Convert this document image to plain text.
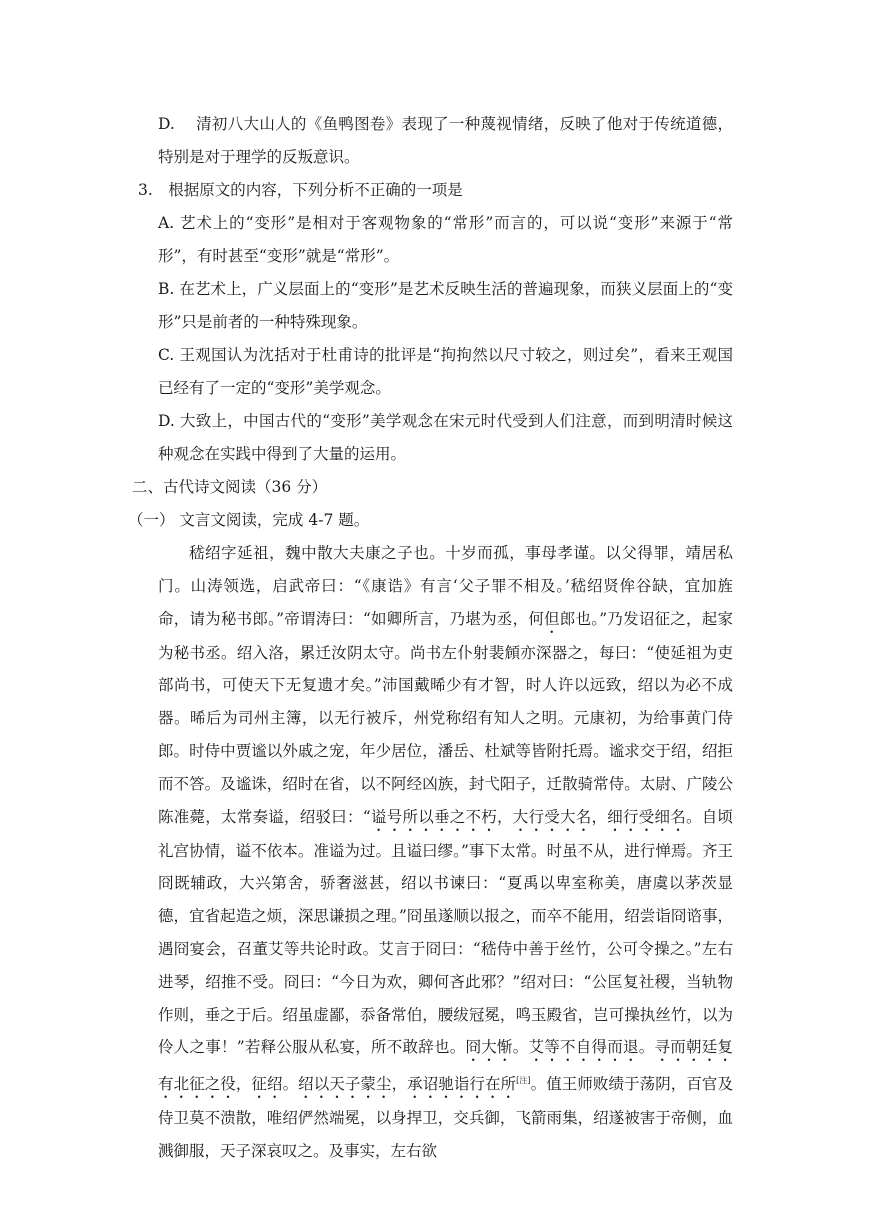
D.　 清初八大山人的《鱼鸭图卷》表现了一种蔑视情绪，反映了他对于传统道德，特别是对于理学的反叛意识。

3.　根据原文的内容，下列分析不正确的一项是

A. 艺术上的“变形”是相对于客观物象的“常形”而言的，可以说“变形”来源于“常形”，有时甚至“变形”就是“常形”。

B. 在艺术上，广义层面上的“变形”是艺术反映生活的普遍现象，而狭义层面上的“变形”只是前者的一种特殊现象。

C. 王观国认为沈括对于杜甫诗的批评是“拘拘然以尺寸较之，则过矣”，看来王观国已经有了一定的“变形”美学观念。

D. 大致上，中国古代的“变形”美学观念在宋元时代受到人们注意，而到明清时候这种观念在实践中得到了大量的运用。

二、古代诗文阅读（36 分）

（一） 文言文阅读，完成 4-7 题。

嵇绍字延祖，魏中散大夫康之子也。十岁而孤，事母孝谨。以父得罪，靖居私门。山涛领选，启武帝曰：“《康诰》有言‘父子罪不相及。’嵇绍贤侔谷缺，宜加旌命，请为秘书郎。”帝谓涛曰：“如卿所言，乃堪为丞，何但郎也。”乃发诏征之，起家为秘书丞。绍入洛，累迁汝阴太守。尚书左仆射裴頠亦深器之，每曰：“使延祖为吏部尚书，可使天下无复遗才矣。”沛国戴晞少有才智，时人许以远致，绍以为必不成器。晞后为司州主簿，以无行被斥，州党称绍有知人之明。元康初，为给事黄门侍郎。时侍中贾谧以外戚之宠，年少居位，潘岳、杜斌等皆附托焉。谧求交于绍，绍拒而不答。及谧诛，绍时在省，以不阿经凶族，封弋阳子，迁散骑常侍。太尉、广陵公陈准薨，太常奏谥，绍驳曰：“谥号所以垂之不朽，大行受大名，细行受细名。自顷礼宫协情，谥不依本。准谥为过。且谥曰缪。”事下太常。时虽不从，进行惮焉。齐王冏既辅政，大兴第舍，骄奢滋甚，绍以书谏曰：“夏禹以卑室称美，唐虞以茅茨显德，宜省起造之烦，深思谦损之理。”冏虽遂顺以报之，而卒不能用，绍尝诣冏谘事，遇冏宴会，召董艾等共论时政。艾言于冏曰：“嵇侍中善于丝竹，公可令操之。”左右进琴，绍推不受。冏曰：“今日为欢，卿何吝此邪？”绍对曰：“公匡复社稷，当轨物作则，垂之于后。绍虽虚鄙，忝备常伯，腰绂冠冕，鸣玉殿省，岂可操执丝竹，以为伶人之事！”若释公服从私宴，所不敢辞也。冏大惭。艾等不自得而退。寻而朝廷复有北征之役，征绍。绍以天子蒙尘，承诏驰诣行在所[注]。值王师败绩于荡阴，百官及侍卫莫不溃散，唯绍俨然端冕，以身捍卫，交兵御，飞箭雨集，绍遂被害于帝侧，血溅御服，天子深哀叹之。及事实，左右欲
